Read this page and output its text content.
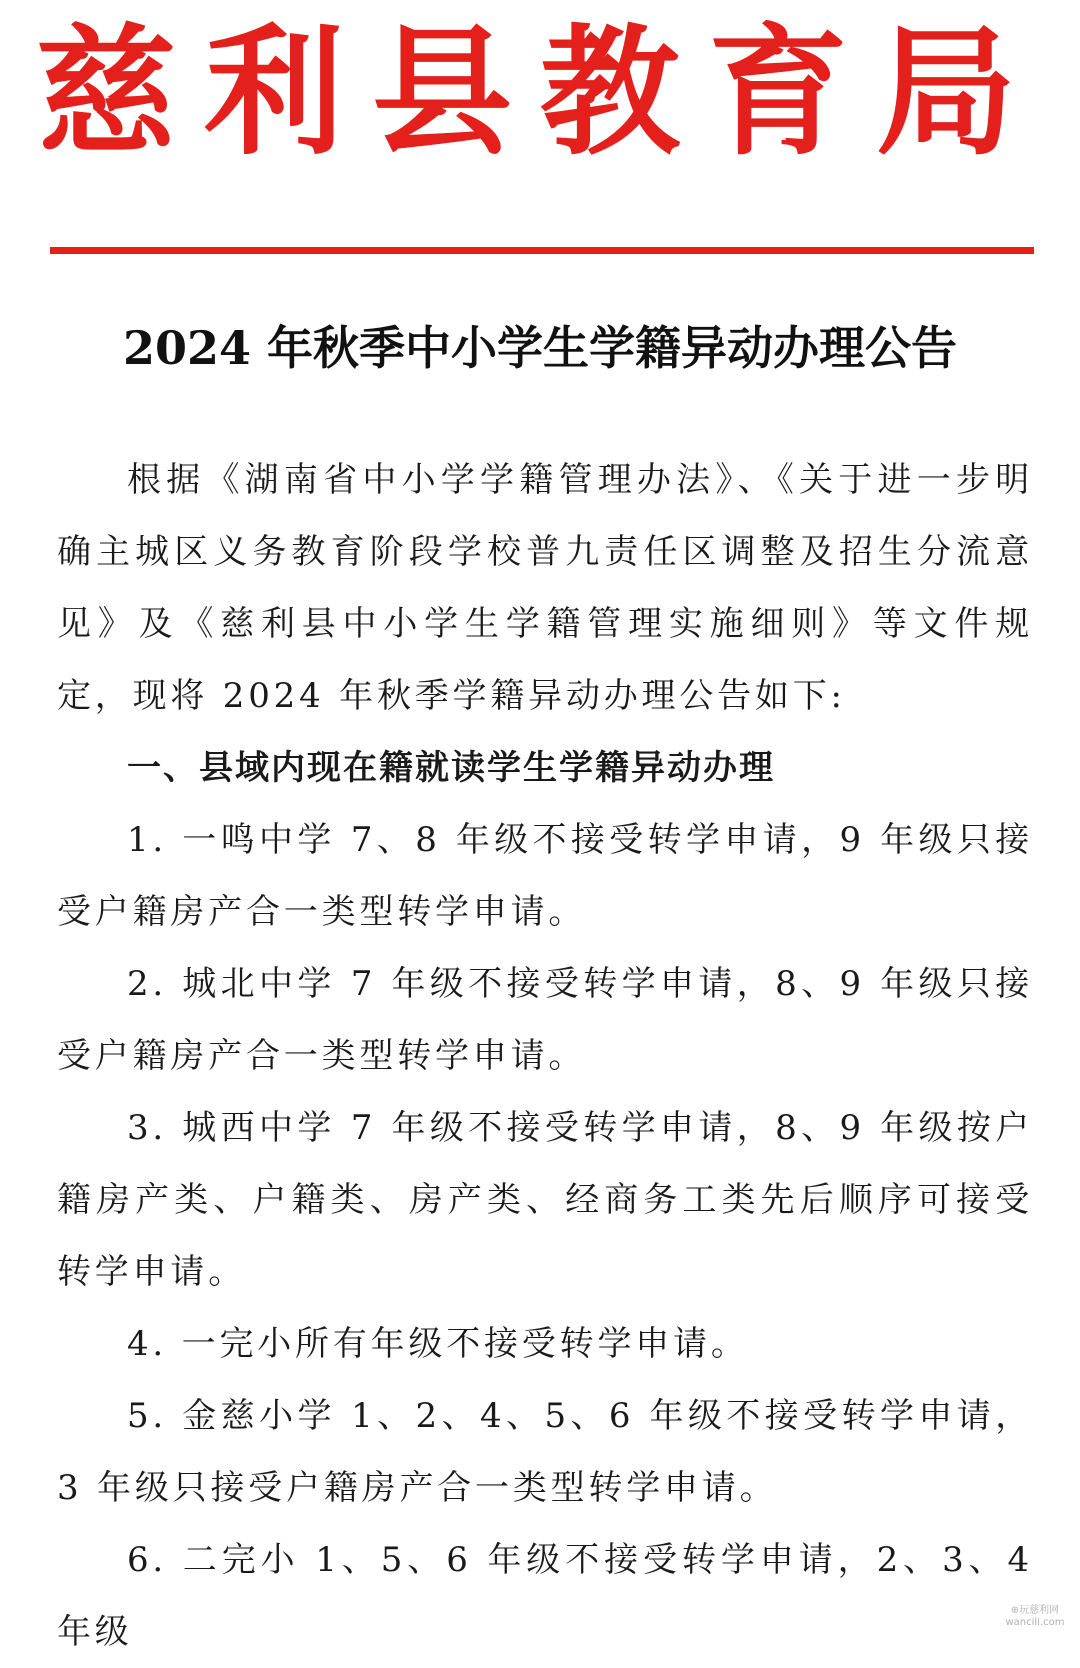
慈利县教育局
2024 年秋季中小学生学籍异动办理公告

根据《湖南省中小学学籍管理办法》、《关于进一步明确主城区义务教育阶段学校普九责任区调整及招生分流意见》及《慈利县中小学生学籍管理实施细则》等文件规定，现将 2024 年秋季学籍异动办理公告如下:

一、县域内现在籍就读学生学籍异动办理

1. 一鸣中学 7、8 年级不接受转学申请，9 年级只接受户籍房产合一类型转学申请。

2. 城北中学 7 年级不接受转学申请，8、9 年级只接受户籍房产合一类型转学申请。

3. 城西中学 7 年级不接受转学申请，8、9 年级按户籍房产类、户籍类、房产类、经商务工类先后顺序可接受转学申请。

4. 一完小所有年级不接受转学申请。

5. 金慈小学 1、2、4、5、6 年级不接受转学申请，3 年级只接受户籍房产合一类型转学申请。

6. 二完小 1、5、6 年级不接受转学申请，2、3、4 年级

⊕玩慈利网
wancili.com
